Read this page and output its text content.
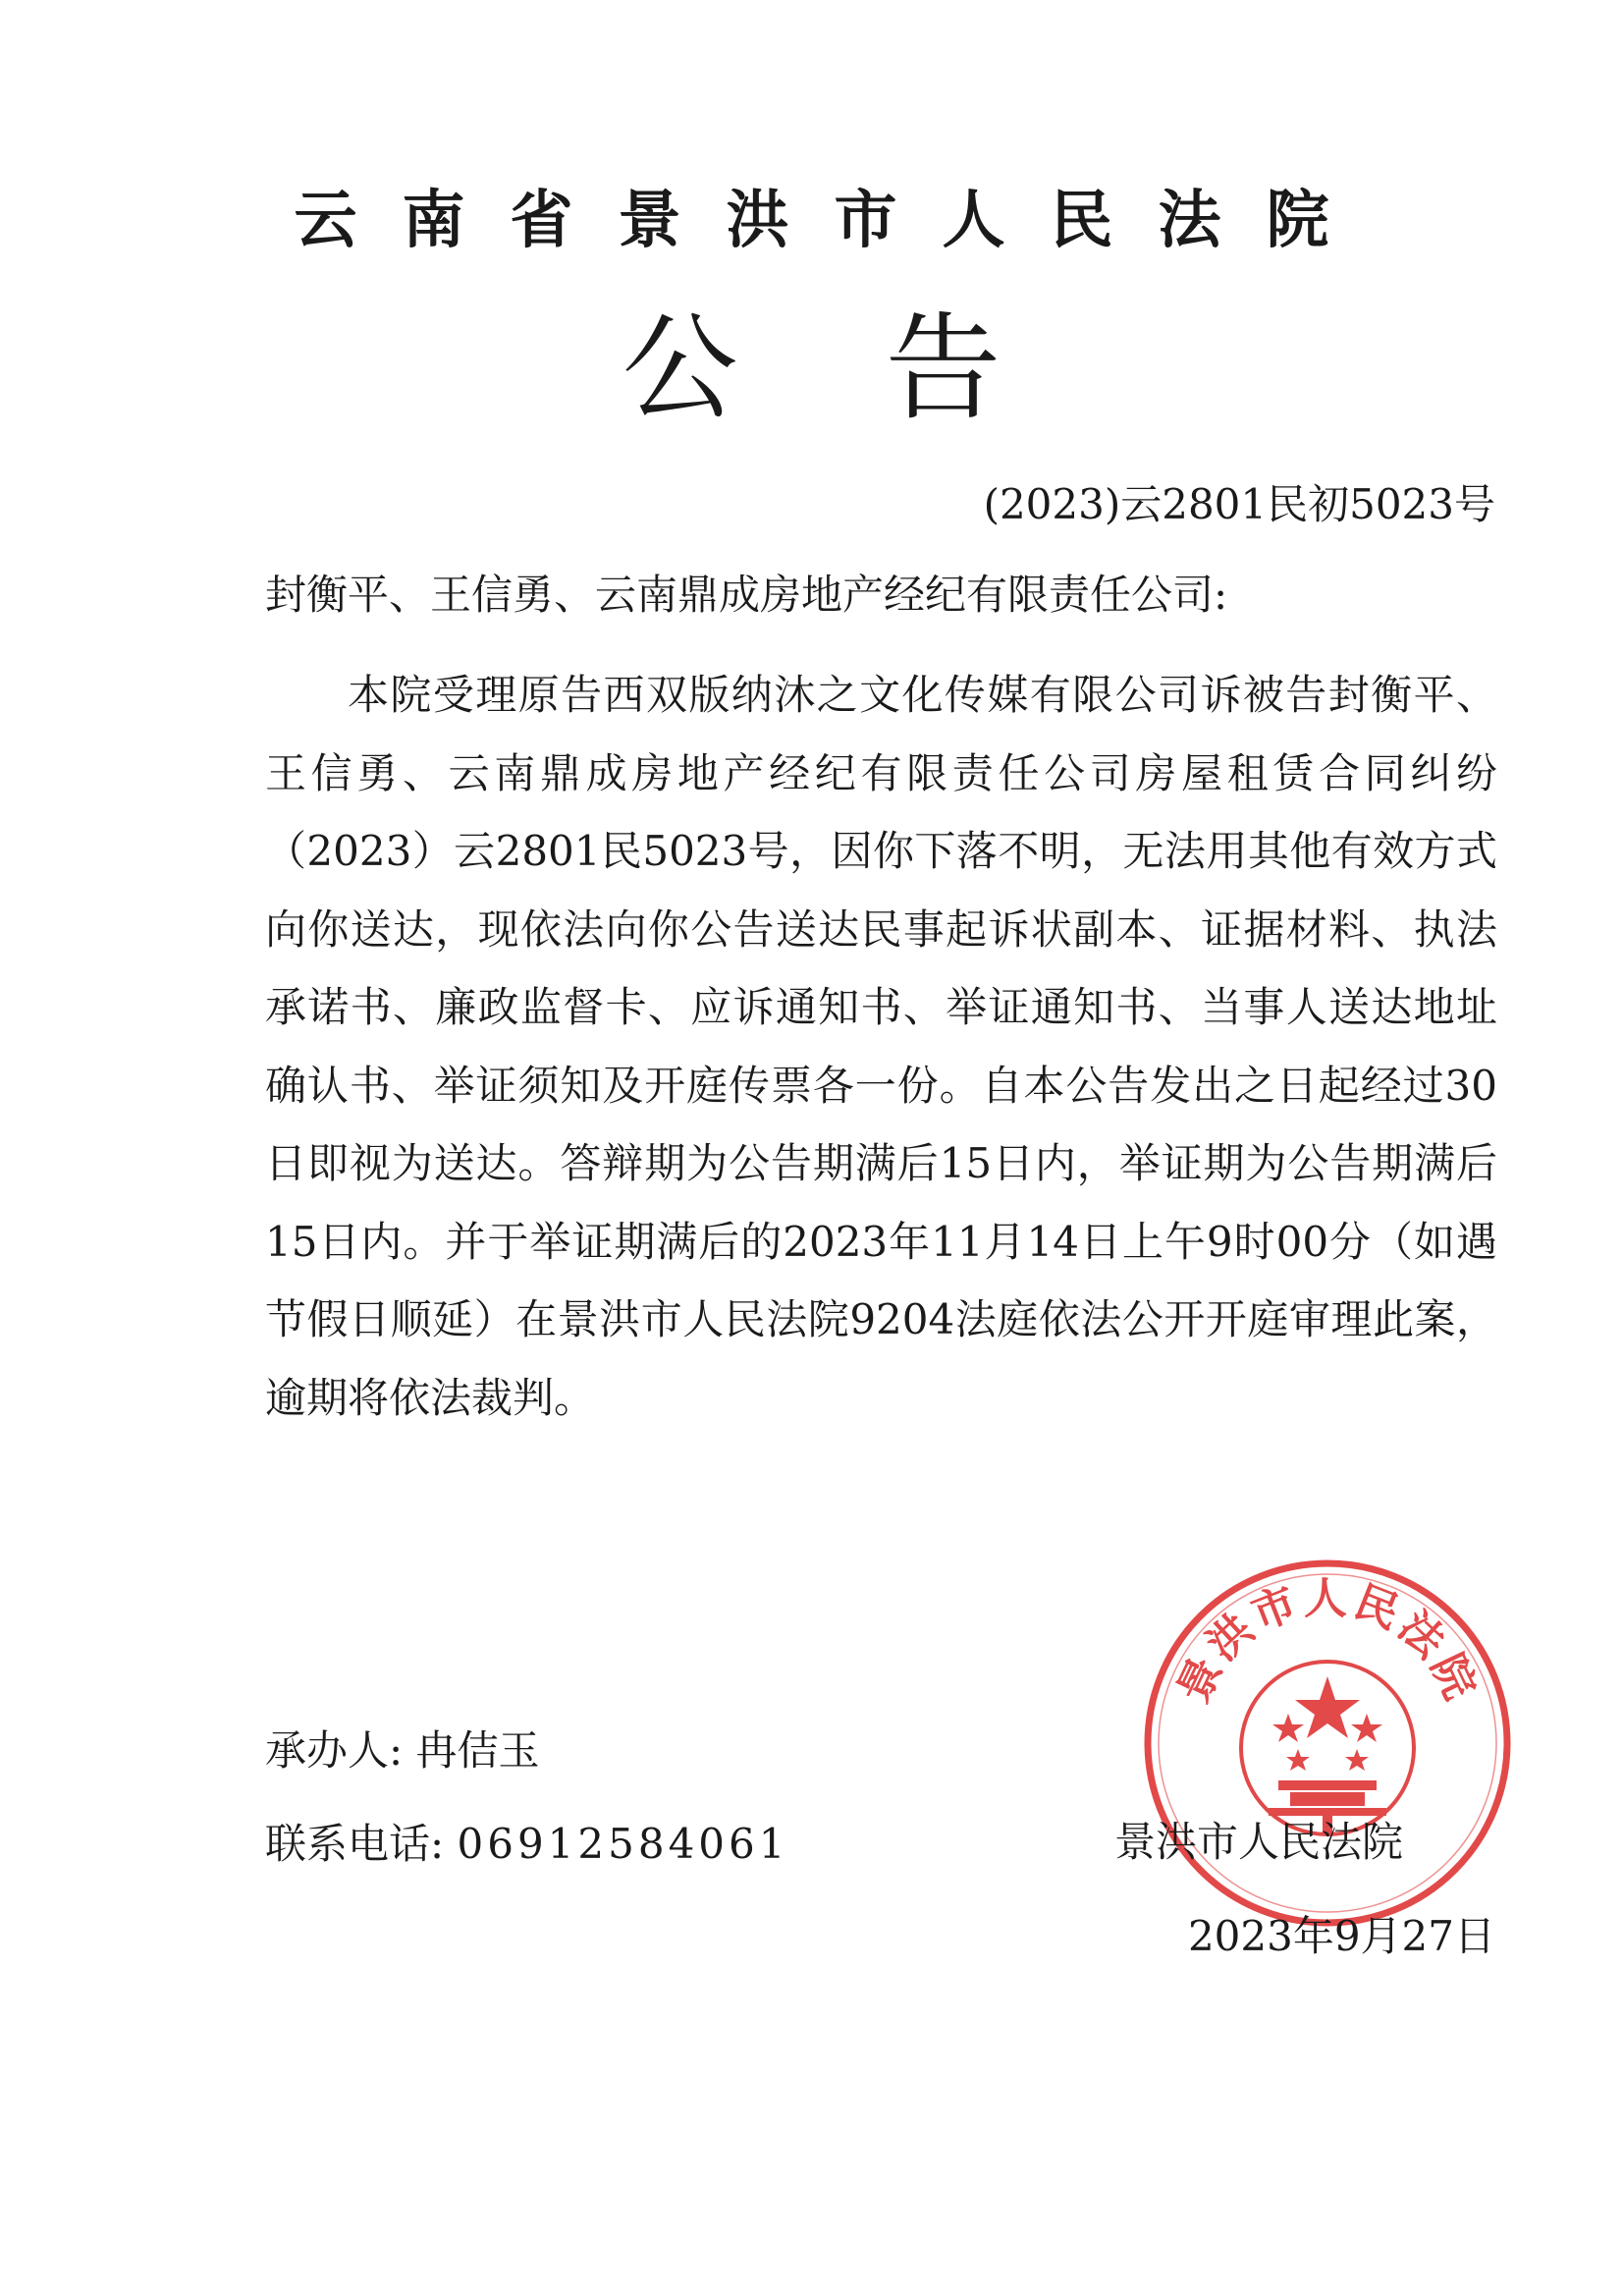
云南省景洪市人民法院
公告
(2023)云2801民初5023号
封衡平、王信勇、云南鼎成房地产经纪有限责任公司:

本院受理原告西双版纳沐之文化传媒有限公司诉被告封衡平、王信勇、云南鼎成房地产经纪有限责任公司房屋租赁合同纠纷（2023）云2801民5023号，因你下落不明，无法用其他有效方式向你送达，现依法向你公告送达民事起诉状副本、证据材料、执法承诺书、廉政监督卡、应诉通知书、举证通知书、当事人送达地址确认书、举证须知及开庭传票各一份。自本公告发出之日起经过30日即视为送达。答辩期为公告期满后15日内，举证期为公告期满后15日内。并于举证期满后的2023年11月14日上午9时00分（如遇节假日顺延）在景洪市人民法院9204法庭依法公开开庭审理此案，逾期将依法裁判。

承办人: 冉佶玉
联系电话: 06912584061
景洪市人民法院
景洪市人民法院
2023年9月27日
